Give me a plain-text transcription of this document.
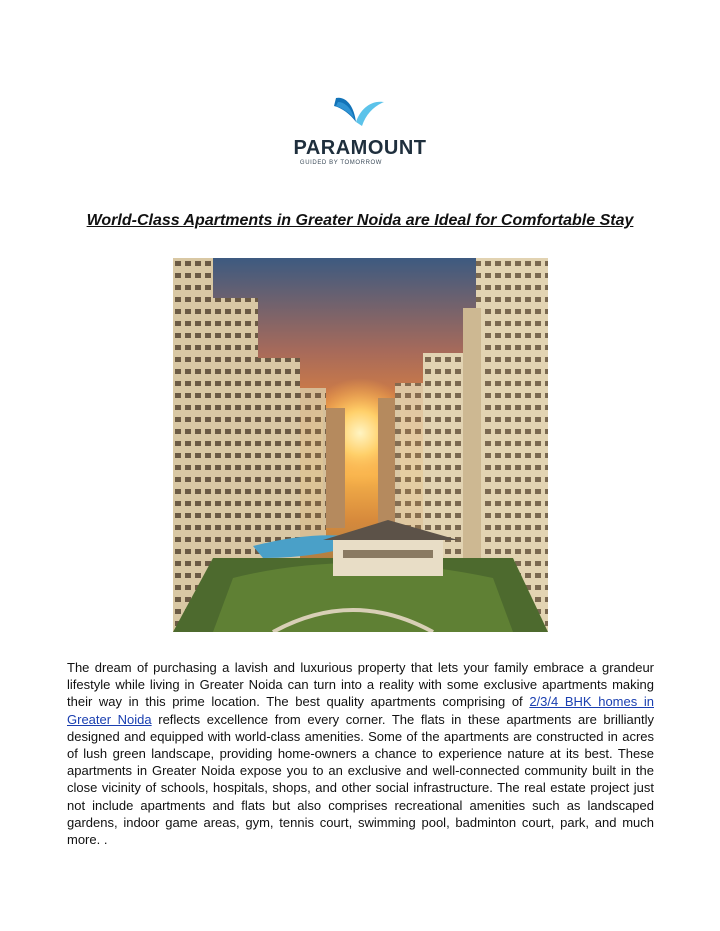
PARAMOUNT
GUIDED BY TOMORROW
World-Class Apartments in Greater Noida are Ideal for Comfortable Stay
The dream of purchasing a lavish and luxurious property that lets your family embrace a grandeur lifestyle while living in Greater Noida can turn into a reality with some exclusive apartments making their way in this prime location. The best quality apartments comprising of 2/3/4 BHK homes in Greater Noida reflects excellence from every corner. The flats in these apartments are brilliantly designed and equipped with world-class amenities. Some of the apartments are constructed in acres of lush green landscape, providing home-owners a chance to experience nature at its best. These apartments in Greater Noida expose you to an exclusive and well-connected community built in the close vicinity of schools, hospitals, shops, and other social infrastructure. The real estate project just not include apartments and flats but also comprises recreational amenities such as landscaped gardens, indoor game areas, gym, tennis court, swimming pool, badminton court, park, and much more. .
